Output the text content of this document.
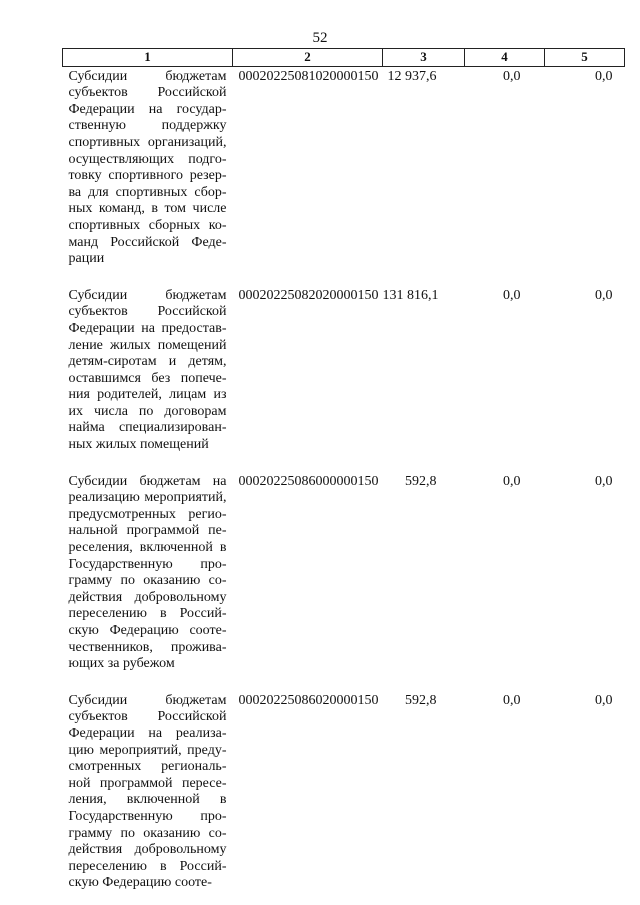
52
1	2	3	4	5
Субсидии бюджетам субъектов Российской Федерации на государственную поддержку спортивных организаций, осуществляющих подготовку спортивного резерва для спортивных сборных команд, в том числе спортивных сборных команд Российской Федерации	00020225081020000150	12 937,6	0,0	0,0

Субсидии бюджетам субъектов Российской Федерации на предоставление жилых помещений детям-сиротам и детям, оставшимся без попечения родителей, лицам из их числа по договорам найма специализированных жилых помещений	00020225082020000150	131 816,1	0,0	0,0

Субсидии бюджетам на реализацию мероприятий, предусмотренных региональной программой переселения, включенной в Государственную программу по оказанию содействия добровольному переселению в Российскую Федерацию соотeчественников, проживающих за рубежом	00020225086000000150	592,8	0,0	0,0

Субсидии бюджетам субъектов Российской Федерации на реализацию мероприятий, предусмотренных региональной программой переселения, включенной в Государственную программу по оказанию содействия добровольному переселению в Российскую Федерацию сооте-	00020225086020000150	592,8	0,0	0,0
